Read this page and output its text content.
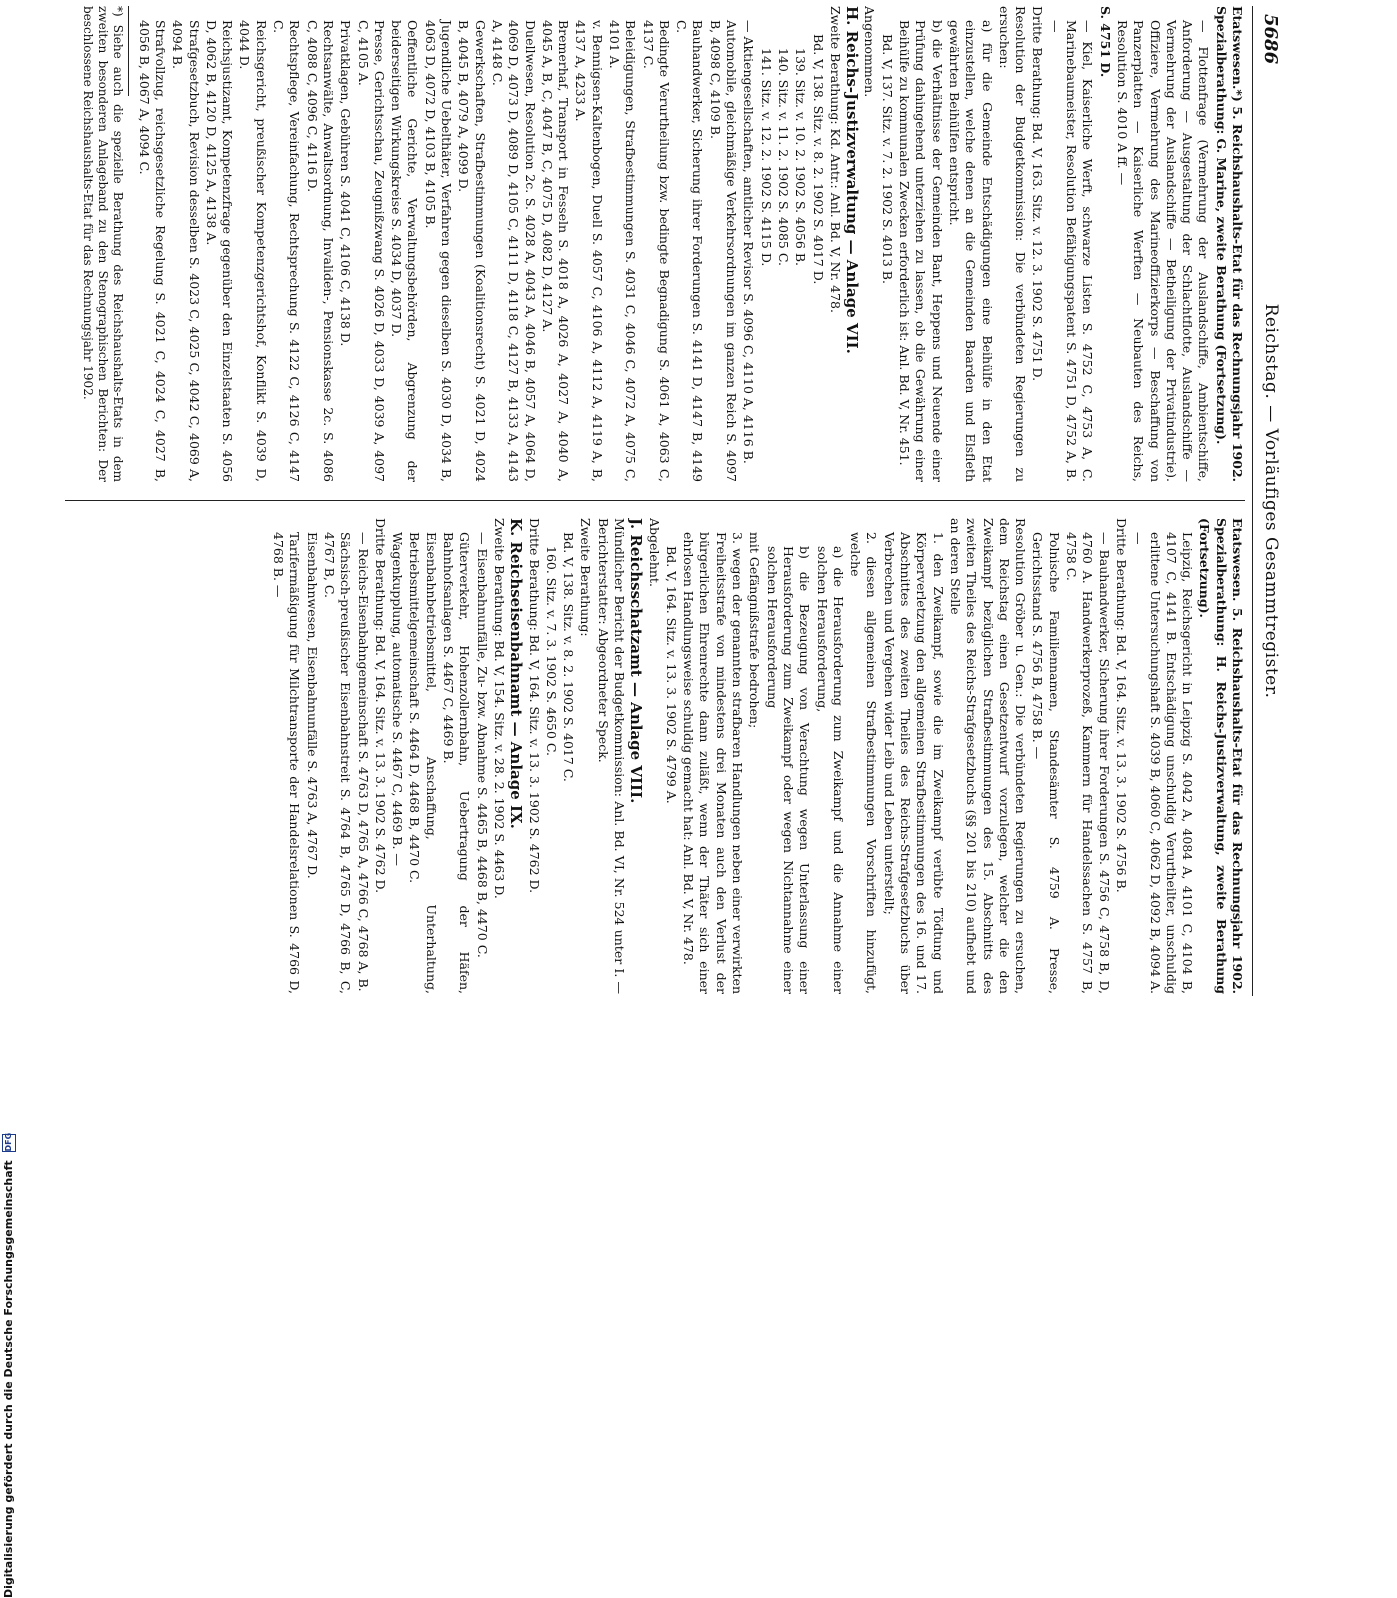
5686
Reichstag. — Vorläufiges Gesammtregister.
Etatswesen.*) 5. Reichshaushalts-Etat für das Rechnungsjahr 1902. Spezialberathung: G. Marine, zweite Berathung (Fortsetzung).
— Flottenfrage (Vermehrung der Auslandschiffe, Ambientschiffe, Anforderung — Ausgestaltung der Schlachtflotte, Auslandschiffe — Vermehrung der Auslandschiffe — Betheiligung der Privatindustrie). Offiziere, Vermehrung des Marineoffizierkorps — Beschaffung von Panzerplatten — Kaiserliche Werften — Neubauten des Reichs, Resolution S. 4010 A ff. —
S. 4751 D.
— Kiel, Kaiserliche Werft, schwarze Listen S. 4752 C, 4753 A, C. Marinebaumeister, Resolution Befähigungspatent S. 4751 D, 4752 A, B. —
Dritte Berathung: Bd. V, 163. Sitz. v. 12. 3. 1902 S. 4751 D.
Resolution der Budgetkommission: Die verbündeten Regierungen zu ersuchen:
a) für die Gemeinde Entschädigungen eine Beihülfe in den Etat einzustellen, welche denen an die Gemeinden Baarden und Elsfleth gewährten Beihülfen entspricht.
b) die Verhältnisse der Gemeinden Bant, Heppens und Neuende einer Prüfung dahingehend unterziehen zu lassen, ob die Gewährung einer Beihülfe zu kommunalen Zwecken erforderlich ist: Anl. Bd. V, Nr. 451.
Bd. V, 137. Sitz. v. 7. 2. 1902 S. 4013 B.
Angenommen.
H. Reichs-Justizverwaltung — Anlage VII.
Zweite Berathung: Kd. Antr.: Anl. Bd. V, Nr. 478.
Bd. V, 138. Sitz. v. 8. 2. 1902 S. 4017 D.
139. Sitz. v. 10. 2. 1902 S. 4056 B.
140. Sitz. v. 11. 2. 1902 S. 4085 C.
141. Sitz. v. 12. 2. 1902 S. 4115 D.
— Aktiengesellschaften, amtlicher Revisor S. 4096 C, 4110 A, 4116 B.
Automobile, gleichmäßige Verkehrsordnungen im ganzen Reich S. 4097 B, 4098 C, 4109 B.
Bauhandwerker, Sicherung ihrer Forderungen S. 4141 D, 4147 B, 4149 C.
Bedingte Verurtheilung bzw. bedingte Begnadigung S. 4061 A, 4063 C, 4137 C.
Beleidigungen, Strafbestimmungen S. 4031 C, 4046 C, 4072 A, 4075 C, 4101 A.
v. Bennigsen-Kaltenbogen, Duell S. 4057 C, 4106 A, 4112 A, 4119 A, B, 4137 A, 4233 A.
Bremerhaf, Transport in Fesseln S. 4018 A, 4026 A, 4027 A, 4040 A, 4045 A, B, C, 4047 B, C, 4075 D, 4082 D, 4127 A.
Duellwesen, Resolution 2c. S. 4028 A, 4043 A, 4046 B, 4057 A, 4064 D, 4069 D, 4073 D, 4089 D, 4105 C, 4111 D, 4118 C, 4127 B, 4133 A, 4143 A, 4148 C.
Gewerkschaften, Strafbestimmungen (Koalitionsrecht) S. 4021 D, 4024 B, 4045 B, 4079 A, 4099 D.
Jugendliche Uebelthäter, Verfahren gegen dieselben S. 4030 D, 4034 B, 4063 D, 4072 D, 4103 B, 4105 B.
Oeffentliche Gerichte, Verwaltungsbehörden, Abgrenzung der beiderseitigen Wirkungskreise S. 4034 D, 4037 D.
Presse, Gerichtsschau, Zeugnißzwang S. 4026 D, 4033 D, 4039 A, 4097 C, 4105 A.
Privatklagen, Gebühren S. 4041 C, 4106 C, 4138 D.
Rechtsanwälte, Anwaltsordnung, Invaliden-, Pensionskasse 2c. S. 4086 C, 4088 C, 4096 C, 4116 D.
Rechtspflege, Vereinfachung, Rechtsprechung S. 4122 C, 4126 C, 4147 C.
Reichsgericht, preußischer Kompetenzgerichtshof, Konflikt S. 4039 D, 4044 D.
Reichsjustizamt, Kompetenzfrage gegenüber den Einzelstaaten S. 4056 D, 4062 B, 4120 D, 4125 A, 4138 A.
Strafgesetzbuch, Revision desselben S. 4023 C, 4025 C, 4042 C, 4069 A, 4094 B.
Strafvollzug, reichsgesetzliche Regelung S. 4021 C, 4024 C, 4027 B, 4056 B, 4067 A, 4094 C.
*) Siehe auch die spezielle Berathung des Reichshaushalts-Etats in dem zweiten besonderen Anlageband zu den Stenographischen Berichten: Der beschlossene Reichshaushalts-Etat für das Rechnungsjahr 1902.
Etatswesen. 5. Reichshaushalts-Etat für das Rechnungsjahr 1902. Spezialberathung: H. Reichs-Justizverwaltung, zweite Berathung (Fortsetzung).
Leipzig, Reichsgericht in Leipzig S. 4042 A, 4084 A, 4101 C, 4104 B, 4107 C, 4141 B. Entschädigung unschuldig Verurtheilter, unschuldig erlittene Untersuchungshaft S. 4039 B, 4060 C, 4062 D, 4092 B, 4094 A. —
Dritte Berathung: Bd. V, 164. Sitz. v. 13. 3. 1902 S. 4756 B.
— Bauhandwerker, Sicherung ihrer Forderungen S. 4756 C, 4758 B, D, 4760 A. Handwerkerprozeß, Kammern für Handelssachen S. 4757 B, 4758 C.
Polnische Familiennamen, Standesämter S. 4759 A. Presse, Gerichtsstand S. 4756 B, 4758 B. —
Resolution Gröber u. Gen.: Die verbündeten Regierungen zu ersuchen, dem Reichstag einen Gesetzentwurf vorzulegen, welcher die den Zweikampf bezüglichen Strafbestimmungen des 15. Abschnitts des zweiten Theiles des Reichs-Strafgesetzbuchs (§§ 201 bis 210) aufhebt und an deren Stelle
1. den Zweikampf, sowie die im Zweikampf verübte Tödtung und Körperverletzung den allgemeinen Strafbestimmungen des 16. und 17. Abschnittes des zweiten Theiles des Reichs-Strafgesetzbuchs über Verbrechen und Vergehen wider Leib und Leben unterstellt;
2. diesen allgemeinen Strafbestimmungen Vorschriften hinzufügt, welche
a) die Herausforderung zum Zweikampf und die Annahme einer solchen Herausforderung,
b) die Bezeugung von Verachtung wegen Unterlassung einer Herausforderung zum Zweikampf oder wegen Nichtannahme einer solchen Herausforderung
mit Gefängnißstrafe bedrohen;
3. wegen der genannten strafbaren Handlungen neben einer verwirkten Freiheitsstrafe von mindestens drei Monaten auch den Verlust der bürgerlichen Ehrenrechte dann zuläßt, wenn der Thäter sich einer ehrlosen Handlungsweise schuldig gemacht hat: Anl. Bd. V, Nr. 478.
Bd. V, 164. Sitz. v. 13. 3. 1902 S. 4799 A.
Abgelehnt.
J. Reichsschatzamt — Anlage VIII.
Mündlicher Bericht der Budgetkommission: Anl. Bd. VI, Nr. 524 unter I. — Berichterstatter: Abgeordneter Speck.
Zweite Berathung:
Bd. V, 138. Sitz. v. 8. 2. 1902 S. 4017 C.
160. Sitz. v. 7. 3. 1902 S. 4650 C.
Dritte Berathung: Bd. V, 164. Sitz. v. 13. 3. 1902 S. 4762 D.
K. Reichseisenbahnamt — Anlage IX.
Zweite Berathung: Bd. V, 154. Sitz. v. 28. 2. 1902 S. 4463 D.
— Eisenbahnunfälle, Zu- bzw. Abnahme S. 4465 B, 4468 B, 4470 C.
Güterverkehr, Hohenzollernbahn, Uebertragung der Häfen, Bahnhofsanlagen S. 4467 C, 4469 B.
Eisenbahnbetriebsmittel, Anschaffung, Unterhaltung, Betriebsmittelgemeinschaft S. 4464 D, 4468 B, 4470 C.
Wagenkupplung, automatische S. 4467 C, 4469 B. —
Dritte Berathung: Bd. V, 164. Sitz. v. 13. 3. 1902 S. 4762 D.
— Reichs-Eisenbahngemeinschaft S. 4763 D, 4765 A, 4766 C, 4768 A, B.
Sächsisch-preußischer Eisenbahnstreit S. 4764 B, 4765 D, 4766 B, C, 4767 B, C.
Eisenbahnwesen, Eisenbahnunfälle S. 4763 A, 4767 D.
Tarifermäßigung für Milchtransporte der Handelsrelationen S. 4766 D, 4768 B. —
Digitalisierung gefördert durch die Deutsche Forschungsgemeinschaft DFG
